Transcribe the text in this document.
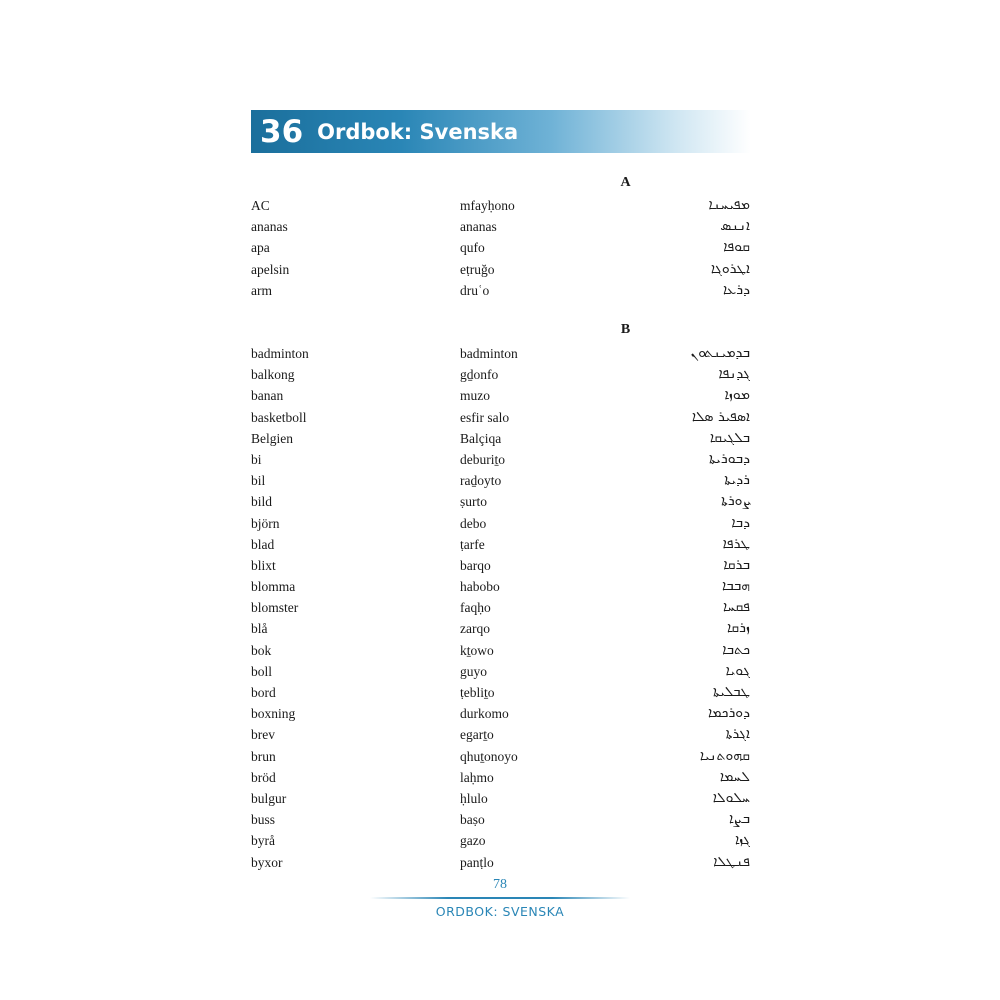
36 Ordbok: Svenska
A
AC	mfayḥono	ܡܦܝܚܢܐ
ananas	ananas	ܐܢܢܣ
apa	qufo	ܩܘܦܐ
apelsin	eṭruğo	ܐܛܪܘܓܐ
arm	druʿo	ܕܪܥܐ
B
badminton	badminton	ܒܕܡܝܢܬܘܢ
balkong	gḏonfo	ܓܕܢܦܐ
banan	muzo	ܡܘܙܐ
basketboll	esfir salo	ܐܣܦܝܪ ܣܠܐ
Belgien	Balçiqa	ܒܠܓܝܩܐ
bi	deburiṯo	ܕܒܘܪܝܬܐ
bil	raḏoyto	ܪܕܝܬܐ
bild	ṣurto	ܨܘܪܬܐ
björn	debo	ܕܒܐ
blad	ṭarfe	ܛܪܦܐ
blixt	barqo	ܒܪܩܐ
blomma	habobo	ܗܒܒܐ
blomster	faqḥo	ܦܩܚܐ
blå	zarqo	ܙܪܩܐ
bok	kṯowo	ܟܬܒܐ
boll	guyo	ܓܘܝܐ
bord	ṭebliṯo	ܛܒܠܝܬܐ
boxning	durkomo	ܕܘܪܟܡܐ
brev	egarṯo	ܐܓܪܬܐ
brun	qhuṯonoyo	ܩܗܘܬܢܝܐ
bröd	laḥmo	ܠܚܡܐ
bulgur	ḥlulo	ܚܠܘܠܐ
buss	baṣo	ܒܨܐ
byrå	gazo	ܓܙܐ
byxor	panṭlo	ܦܢܛܠܐ
78
ORDBOK: SVENSKA
